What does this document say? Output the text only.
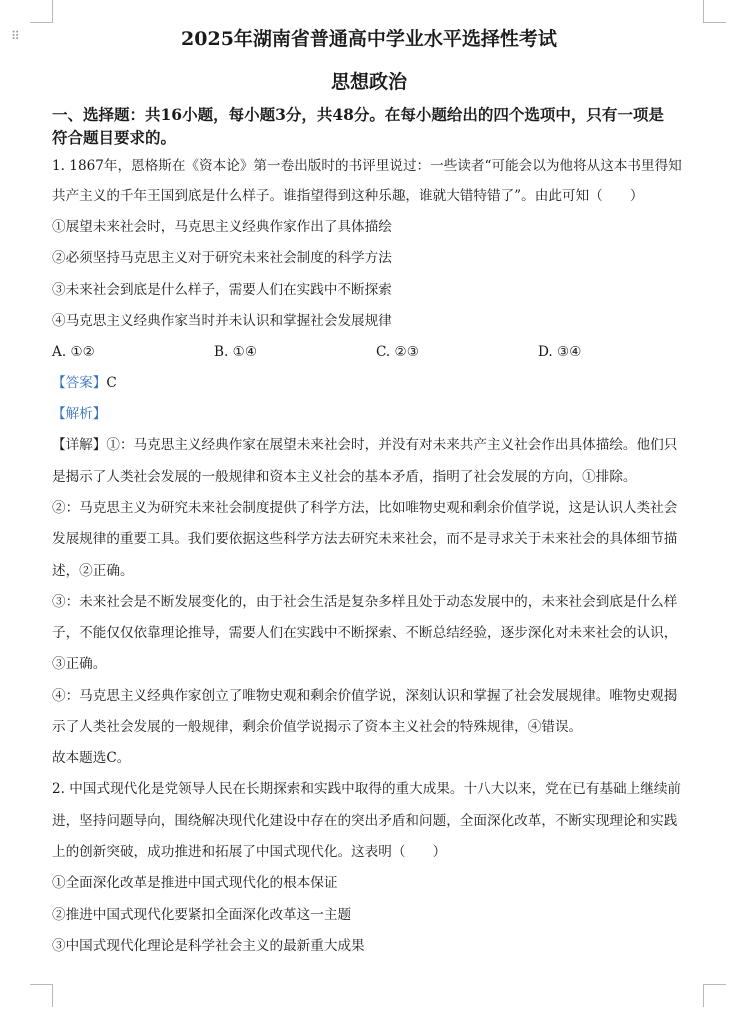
⠿	2025年湖南省普通高中学业水平选择性考试
思想政治
一、选择题：共16小题，每小题3分，共48分。在每小题给出的四个选项中，只有一项是
符合题目要求的。
1. 1867年，恩格斯在《资本论》第一卷出版时的书评里说过：一些读者“可能会以为他将从这本书里得知
共产主义的千年王国到底是什么样子。谁指望得到这种乐趣，谁就大错特错了”。由此可知（　　）
①展望未来社会时，马克思主义经典作家作出了具体描绘
②必须坚持马克思主义对于研究未来社会制度的科学方法
③未来社会到底是什么样子，需要人们在实践中不断探索
④马克思主义经典作家当时并未认识和掌握社会发展规律
A. ①②	B. ①④	C. ②③	D. ③④
【答案】C
【解析】
【详解】①：马克思主义经典作家在展望未来社会时，并没有对未来共产主义社会作出具体描绘。他们只
是揭示了人类社会发展的一般规律和资本主义社会的基本矛盾，指明了社会发展的方向，①排除。
②：马克思主义为研究未来社会制度提供了科学方法，比如唯物史观和剩余价值学说，这是认识人类社会
发展规律的重要工具。我们要依据这些科学方法去研究未来社会，而不是寻求关于未来社会的具体细节描
述，②正确。
③：未来社会是不断发展变化的，由于社会生活是复杂多样且处于动态发展中的，未来社会到底是什么样
子，不能仅仅依靠理论推导，需要人们在实践中不断探索、不断总结经验，逐步深化对未来社会的认识，
③正确。
④：马克思主义经典作家创立了唯物史观和剩余价值学说，深刻认识和掌握了社会发展规律。唯物史观揭
示了人类社会发展的一般规律，剩余价值学说揭示了资本主义社会的特殊规律，④错误。
故本题选C。
2. 中国式现代化是党领导人民在长期探索和实践中取得的重大成果。十八大以来，党在已有基础上继续前
进，坚持问题导向，围绕解决现代化建设中存在的突出矛盾和问题，全面深化改革，不断实现理论和实践
上的创新突破，成功推进和拓展了中国式现代化。这表明（　　）
①全面深化改革是推进中国式现代化的根本保证
②推进中国式现代化要紧扣全面深化改革这一主题
③中国式现代化理论是科学社会主义的最新重大成果
